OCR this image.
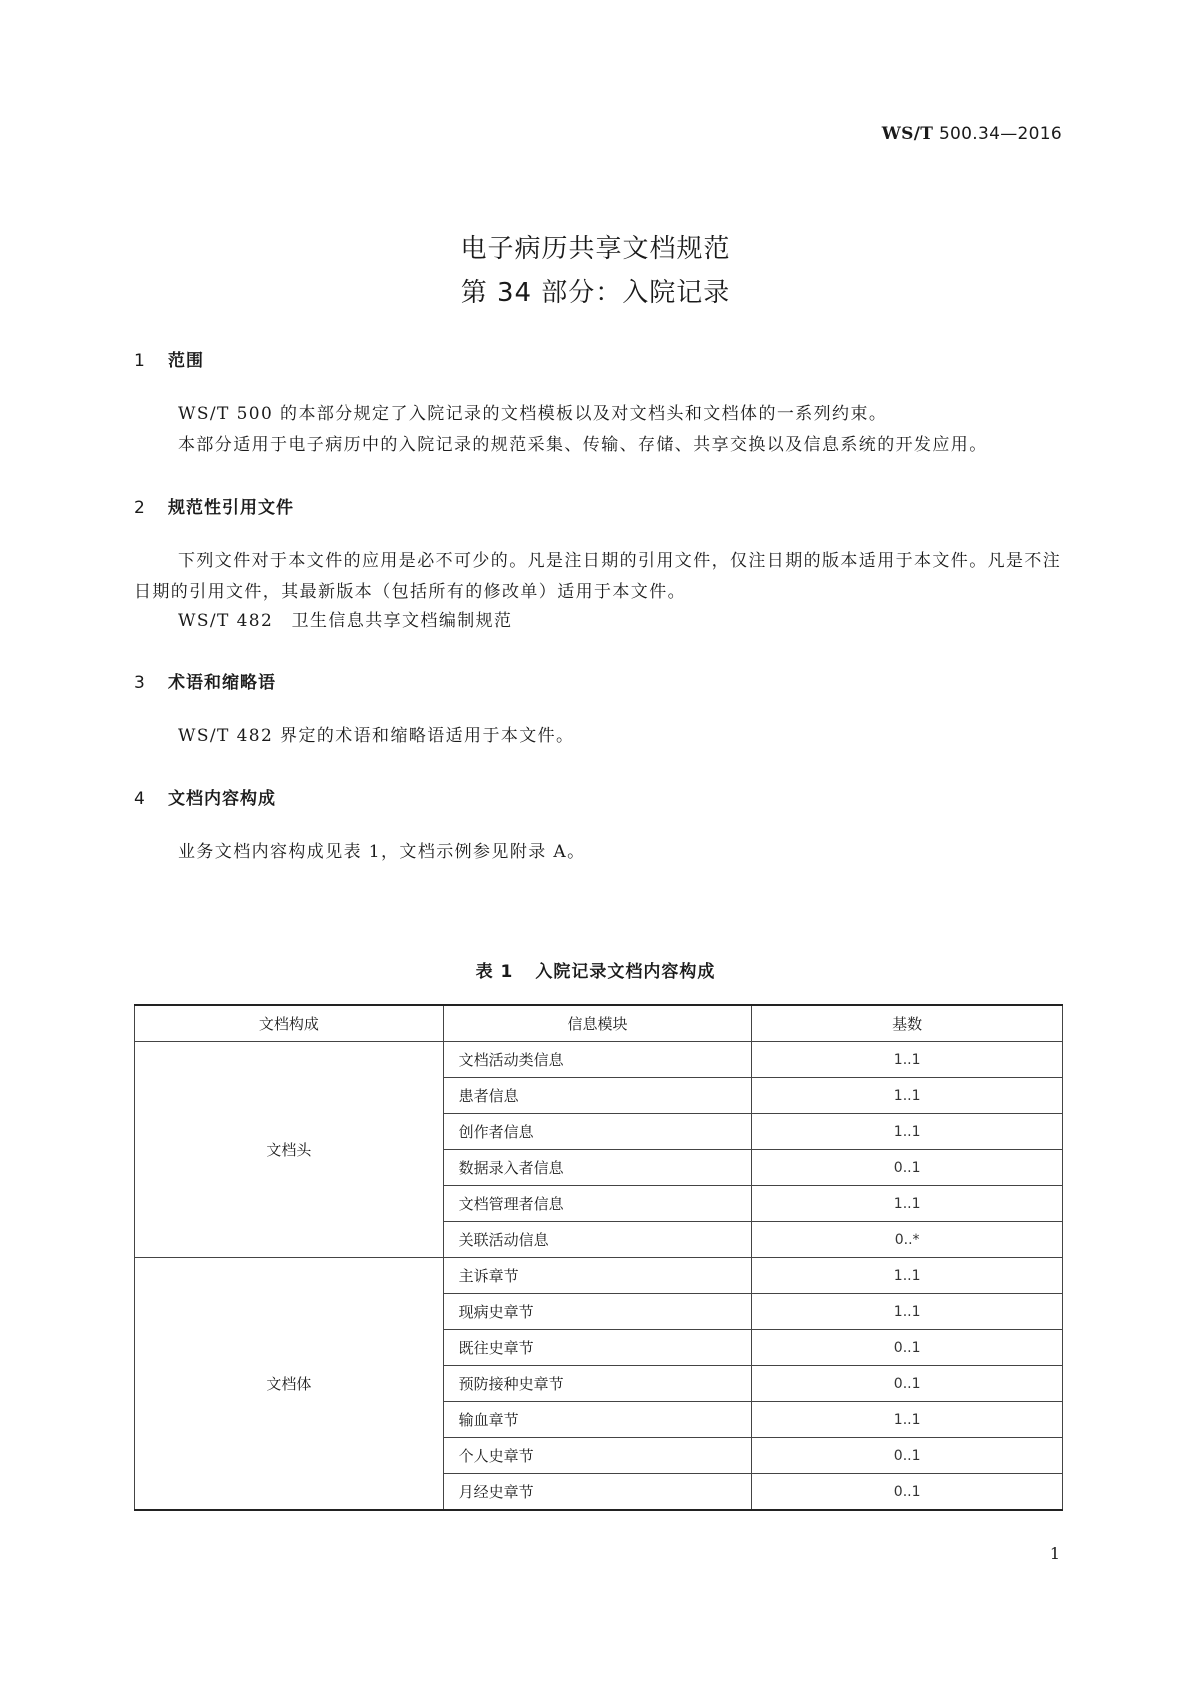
WS/T 500.34—2016
电子病历共享文档规范
第 34 部分：入院记录
1 范围
WS/T 500 的本部分规定了入院记录的文档模板以及对文档头和文档体的一系列约束。
本部分适用于电子病历中的入院记录的规范采集、传输、存储、共享交换以及信息系统的开发应用。
2 规范性引用文件
下列文件对于本文件的应用是必不可少的。凡是注日期的引用文件，仅注日期的版本适用于本文件。凡是不注日期的引用文件，其最新版本（包括所有的修改单）适用于本文件。
WS/T 482　卫生信息共享文档编制规范
3 术语和缩略语
WS/T 482 界定的术语和缩略语适用于本文件。
4 文档内容构成
业务文档内容构成见表 1，文档示例参见附录 A。
表 1 入院记录文档内容构成
文档构成	信息模块	基数
文档头	文档活动类信息	1..1
	患者信息	1..1
	创作者信息	1..1
	数据录入者信息	0..1
	文档管理者信息	1..1
	关联活动信息	0..*
文档体	主诉章节	1..1
	现病史章节	1..1
	既往史章节	0..1
	预防接种史章节	0..1
	输血章节	1..1
	个人史章节	0..1
	月经史章节	0..1
1
